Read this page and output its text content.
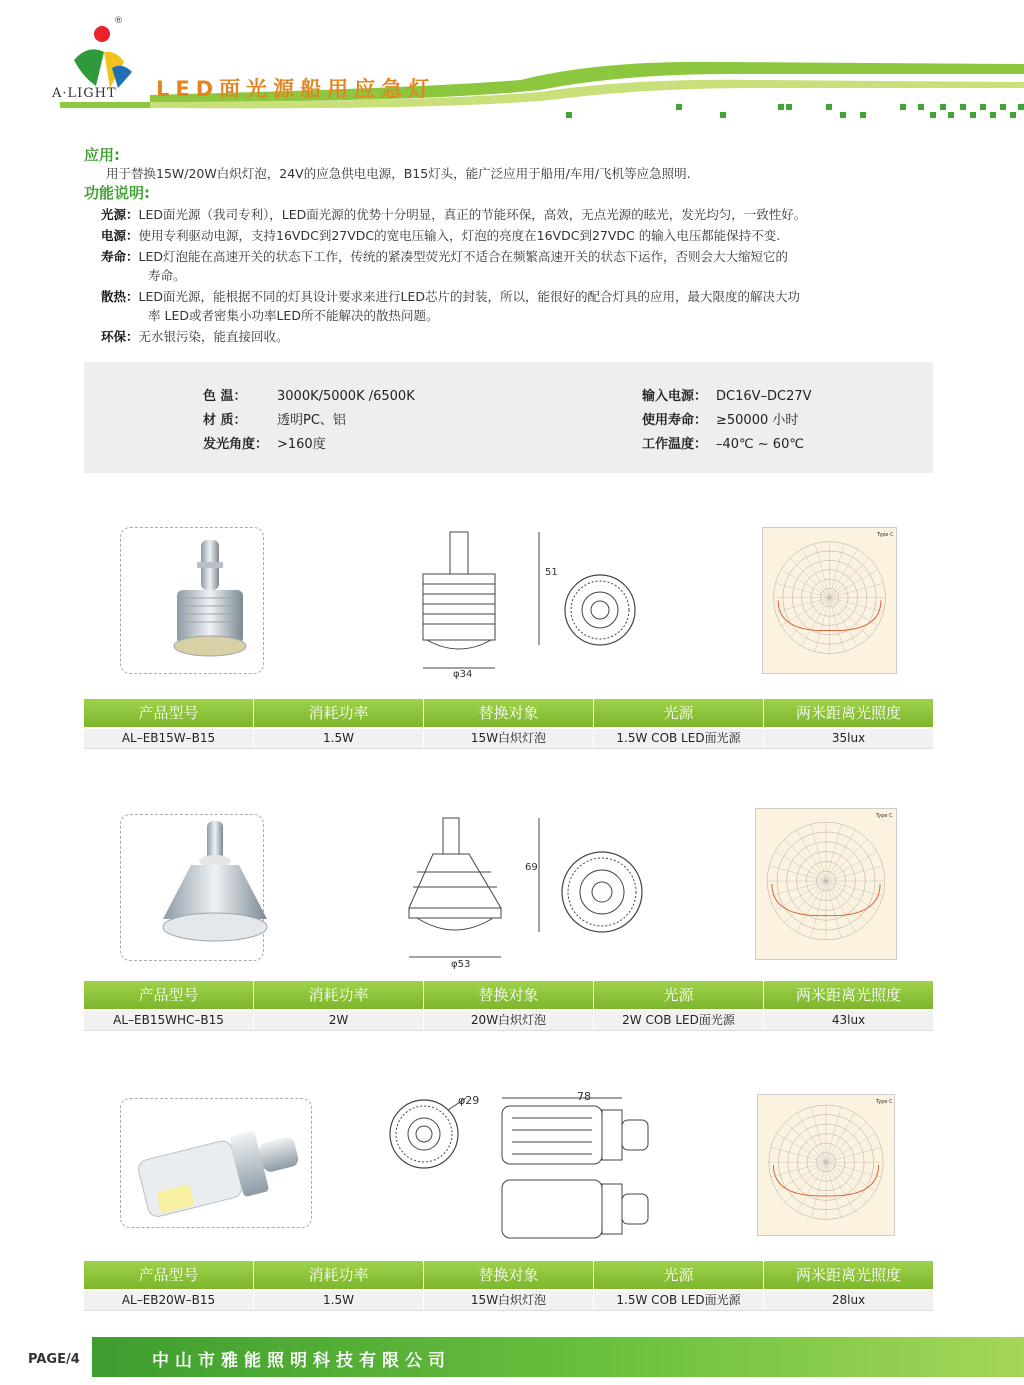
®
A·LIGHT LED面光源船用应急灯
应用:
用于替换15W/20W白炽灯泡，24V的应急供电电源，B15灯头，能广泛应用于船用/车用/飞机等应急照明.
功能说明:
51
φ34
Type C
产品型号	消耗功率	替换对象	光源	两米距离光照度
AL–EB15W–B15	1.5W	15W白炽灯泡	1.5W COB LED面光源	35lux
69
φ53
Type C
产品型号	消耗功率	替换对象	光源	两米距离光照度
AL–EB15WHC–B15	2W	20W白炽灯泡	2W COB LED面光源	43lux
φ29	78	Type C
产品型号	消耗功率	替换对象	光源	两米距离光照度
AL–EB20W–B15	1.5W	15W白炽灯泡	1.5W COB LED面光源	28lux
PAGE/4	中山市雅能照明科技有限公司
光源：LED面光源（我司专利），LED面光源的优势十分明显，真正的节能环保，高效，无点光源的眩光，发光均匀，一致性好。
电源：使用专利驱动电源，支持16VDC到27VDC的宽电压输入，灯泡的亮度在16VDC到27VDC 的输入电压都能保持不变.
寿命：LED灯泡能在高速开关的状态下工作，传统的紧凑型荧光灯不适合在频繁高速开关的状态下运作，否则会大大缩短它的
寿命。
散热：LED面光源，能根据不同的灯具设计要求来进行LED芯片的封装，所以，能很好的配合灯具的应用，最大限度的解决大功
率 LED或者密集小功率LED所不能解决的散热问题。
环保：无水银污染，能直接回收。
色 温： 3000K/5000K /6500K
材 质： 透明PC、铝
发光角度： >160度
输入电源： DC16V–DC27V
使用寿命： ≥50000 小时
工作温度： –40℃ ~ 60℃
